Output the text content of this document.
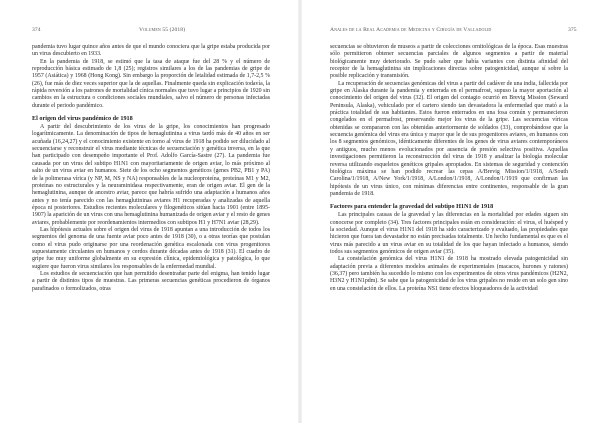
374	Volumen 55 (2018)

pandemia tuvo lugar quince años antes de que el mundo conociera que la gripe estaba producida por un virus descubierto en 1933.

En la pandemia de 1918, se estimó que la tasa de ataque fue del 28 % y el número de reproducción básica estimado de 1,8 (25); registros similares a los de las pandemias de gripe de 1957 (Asiática) y 1968 (Hong Kong). Sin embargo la proporción de letalidad estimada de 1,7-2,5 % (26), fue más de diez veces superior que la de aquellas. Finalmente queda sin explicación todavía, la rápida reversión a los patrones de mortalidad cínica normales que tuvo lugar a principios de 1920 sin cambios en la estructura o condiciones sociales mundiales, salvo el número de personas infectadas durante el periodo pandémico.

El origen del virus pandémico de 1918

A partir del descubrimiento de los virus de la gripe, los conocimientos han progresado logarítmicamente. La denominación de tipos de hemaglutinina a virus tardó más de 40 años en ser acuñada (16,24,27) y el conocimiento existente en torno al virus de 1918 ha podido ser dilucidado al secuenciarse y reconstruir el virus mediante técnicas de secuenciación y genética inversa, en la que han participado con desempeño importante el Prof. Adolfo García-Sastre (27). La pandemia fue causada por un virus del subtipo H1N1 con mayoritariamente de origen aviar, lo más próximo al salto de un virus aviar en humanos. Siete de los ocho segmentos genéticos (genes PB2, PB1 y PA) de la polimerasa vírica (y NP, M, NS y NA) responsables de la nucleoproteína, proteínas M1 y M2, proteínas no estructurales y la neuraminidasa respectivamente, eran de origen aviar. El gen de la hemaglutinina, aunque de ancestro aviar, parece que habría sufrido una adaptación a humanos años antes y no tenía parecido con las hemaglutininas aviares H1 recuperadas y analizadas de aquella época ni posteriores. Estudios recientes moleculares y filogenéticos sitúan hacia 1901 (entre 1895-1907) la aparición de un virus con una hemaglutinina humanizada de origen aviar y el resto de genes aviares, probablemente por reordenamientos intermedios con subtipos H1 y H7N1 aviar (28,29).

Las hipótesis actuales sobre el origen del virus de 1918 apuntan a una introducción de todos los segmentos del genoma de una fuente aviar poco antes de 1918 (30), o a otras teorías que postulan como el virus pudo originarse por una reordenación genética escalonada con virus progenitores supuestamente circulantes en humanos y cerdos durante décadas antes de 1918 (31). El cuadro de gripe fue muy uniforme globalmente en su expresión clínica, epidemiológica y patológica, lo que sugiere que fueron virus similares los responsables de la enfermedad mundial.

Los estudios de secuenciación que han permitido desentrañar parte del enigma, han tenido lugar a partir de distintos tipos de muestras. Las primeras secuencias genéticas procedieron de órganos parafinados o formolizados, otras

Anales de la Real Academia de Medicina y Cirugía de Valladolid	375

secuencias se obtuvieron de museos a partir de colecciones ornitológicas de la época. Esas muestras sólo permitieron obtener secuencias parciales de algunos segmentos a partir de material biológicamente muy deteriorado. Se pudo saber que había variantes con distinta afinidad del receptor de la hemaglutinina sin implicaciones directas sobre patogenicidad, aunque sí sobre la posible replicación y transmisión.

La recuperación de secuencias genómicas del virus a partir del cadáver de una india, fallecida por gripe en Alaska durante la pandemia y enterrada en el permafrost, supuso la mayor aportación al conocimiento del origen del virus (32). El origen del contagio ocurrió en Brevig Mission (Seward Peninsula, Alaska), vehiculado por el cartero siendo tan devastadora la enfermedad que mató a la práctica totalidad de sus habitantes. Estos fueron enterrados en una fosa común y permanecieron congelados en el permafrost, preservando mejor los virus de la gripe. Las secuencias víricas obtenidas se compararon con las obtenidas anteriormente de soldados (33), comprobándose que la secuencia genómica del virus era única y mayor que le de sus progenitores aviares, en humanos con los 8 segmentos genómicos, idénticamente diferentes de los genes de virus aviares contemporáneos y antiguos, mucho menos evolucionados por ausencia de presión selectiva positiva. Aquellas investigaciones permitieron la reconstrucción del virus de 1918 y analizar la biología molecular reversa utilizando esqueletos genéticos gripales apropiados. En sistemas de seguridad y contención biológica máxima se han podido recrear las cepas A/Brevig Mission/1/1918, A/South Carolina/1/1918, A/New York/1/1918, A/London/1/1918, A/London/1/1919 que confirman las hipótesis de un virus único, con mínimas diferencias entre continentes, responsable de la gran pandemia de 1918.

Factores para entender la gravedad del subtipo H1N1 de 1918

Las principales causas de la gravedad y las diferencias en la mortalidad por edades siguen sin conocerse por completo (34). Tres factores principales están en consideración: el virus, el huésped y la sociedad. Aunque el virus H1N1 del 1918 ha sido caracterizado y evaluado, las propiedades que hicieron que fuera tan devastador no están precisadas totalmente. Un hecho fundamental es que es el virus más parecido a un virus aviar en su totalidad de los que hayan infectado a humanos, siendo todos sus segmentos genómicos de origen aviar (35).

La constelación genómica del virus H1N1 de 1918 ha mostrado elevada patogenicidad sin adaptación previa a diferentes modelos animales de experimentales (macacos, hurones y ratones) (36,37) pero también ha sucedido lo mismo con los experimentos de otros virus pandémicos (H2N2, H3N2 y H1N1pdm). Se sabe que la patogenicidad de los virus gripales no reside en un solo gen sino en una constelación de ellos. La proteína NS1 tiene efectos bloqueadores de la actividad
